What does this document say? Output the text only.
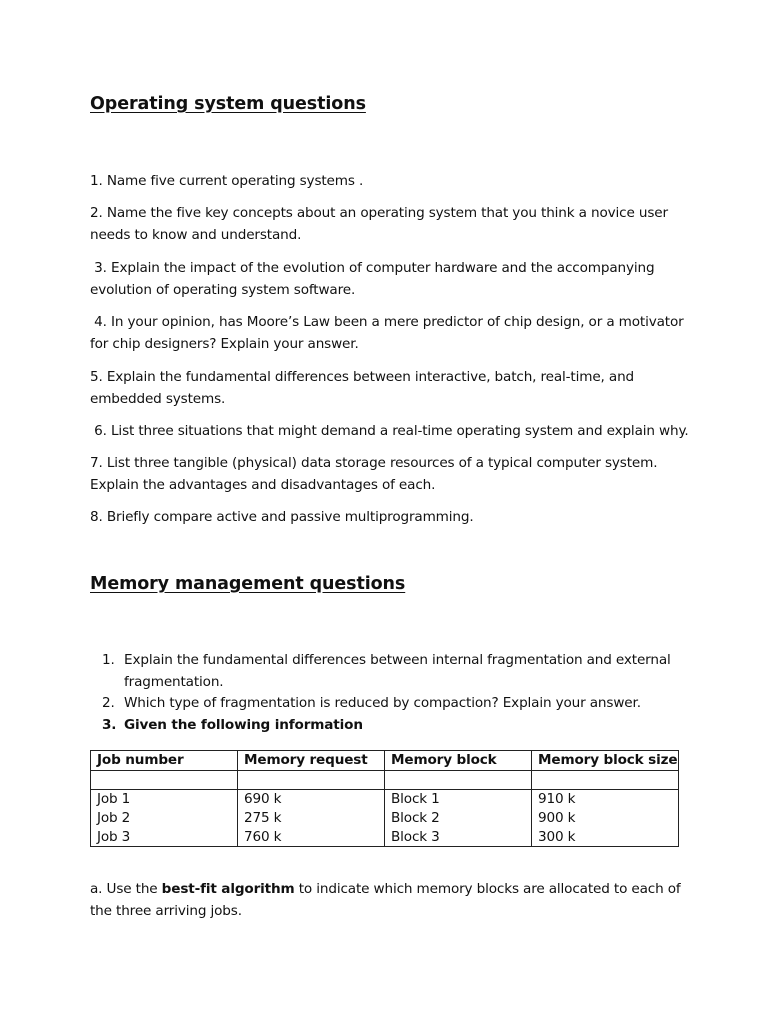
Operating system questions

1. Name five current operating systems .

2. Name the five key concepts about an operating system that you think a novice user needs to know and understand.

3. Explain the impact of the evolution of computer hardware and the accompanying evolution of operating system software.

4. In your opinion, has Moore’s Law been a mere predictor of chip design, or a motivator for chip designers? Explain your answer.

5. Explain the fundamental differences between interactive, batch, real-time, and embedded systems.

6. List three situations that might demand a real-time operating system and explain why.

7. List three tangible (physical) data storage resources of a typical computer system. Explain the advantages and disadvantages of each.

8. Briefly compare active and passive multiprogramming.

Memory management questions
1. Explain the fundamental differences between internal fragmentation and external fragmentation.
2. Which type of fragmentation is reduced by compaction? Explain your answer.
3. Given the following information
Job number	Memory request	Memory block	Memory block size

Job 1	690 k	Block 1	910 k
Job 2	275 k	Block 2	900 k
Job 3	760 k	Block 3	300 k

a. Use the best-fit algorithm to indicate which memory blocks are allocated to each of the three arriving jobs.
